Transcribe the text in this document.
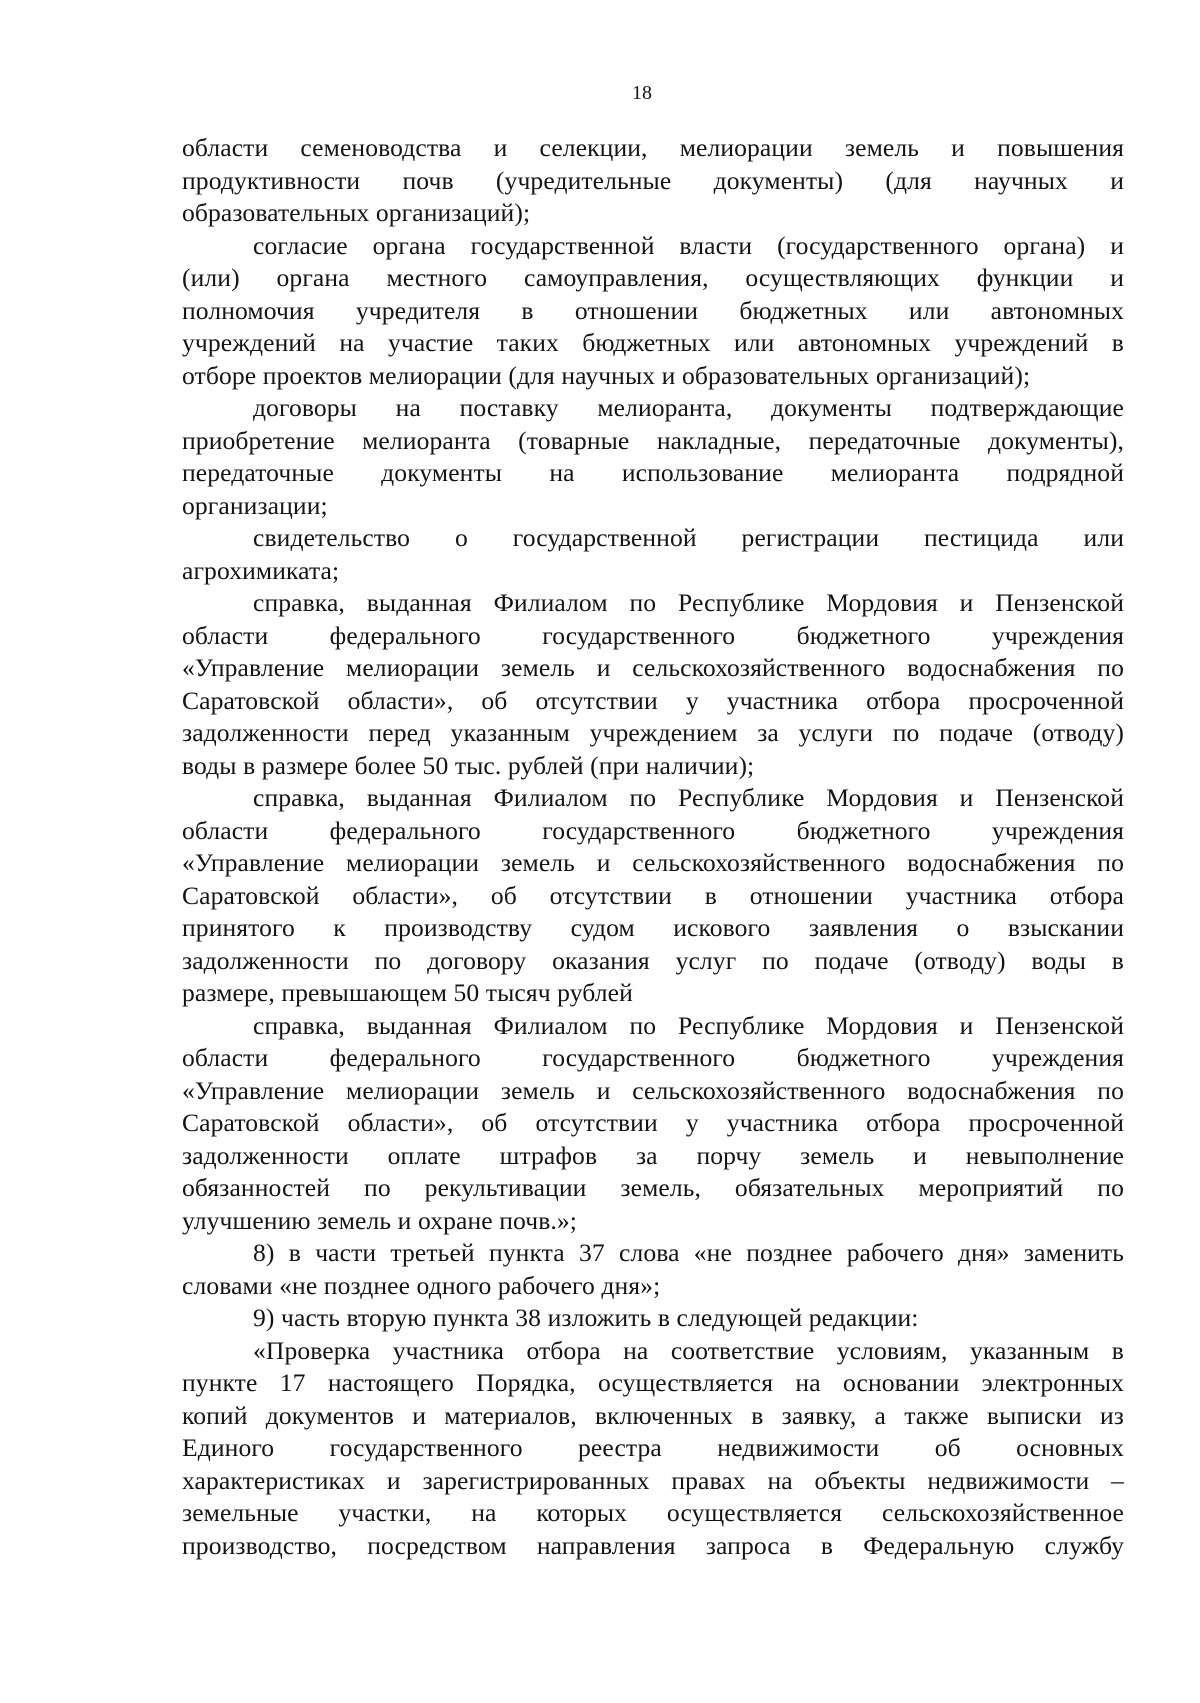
18
области семеноводства и селекции, мелиорации земель и повышения
продуктивности почв (учредительные документы) (для научных и
образовательных организаций);
согласие органа государственной власти (государственного органа) и
(или) органа местного самоуправления, осуществляющих функции и
полномочия учредителя в отношении бюджетных или автономных
учреждений на участие таких бюджетных или автономных учреждений в
отборе проектов мелиорации (для научных и образовательных организаций);
договоры на поставку мелиоранта, документы подтверждающие
приобретение мелиоранта (товарные накладные, передаточные документы),
передаточные документы на использование мелиоранта подрядной
организации;
свидетельство о государственной регистрации пестицида или
агрохимиката;
справка, выданная Филиалом по Республике Мордовия и Пензенской
области федерального государственного бюджетного учреждения
«Управление мелиорации земель и сельскохозяйственного водоснабжения по
Саратовской области», об отсутствии у участника отбора просроченной
задолженности перед указанным учреждением за услуги по подаче (отводу)
воды в размере более 50 тыс. рублей (при наличии);
справка, выданная Филиалом по Республике Мордовия и Пензенской
области федерального государственного бюджетного учреждения
«Управление мелиорации земель и сельскохозяйственного водоснабжения по
Саратовской области», об отсутствии в отношении участника отбора
принятого к производству судом искового заявления о взыскании
задолженности по договору оказания услуг по подаче (отводу) воды в
размере, превышающем 50 тысяч рублей
справка, выданная Филиалом по Республике Мордовия и Пензенской
области федерального государственного бюджетного учреждения
«Управление мелиорации земель и сельскохозяйственного водоснабжения по
Саратовской области», об отсутствии у участника отбора просроченной
задолженности оплате штрафов за порчу земель и невыполнение
обязанностей по рекультивации земель, обязательных мероприятий по
улучшению земель и охране почв.»;
8) в части третьей пункта 37 слова «не позднее рабочего дня» заменить
словами «не позднее одного рабочего дня»;
9) часть вторую пункта 38 изложить в следующей редакции:
«Проверка участника отбора на соответствие условиям, указанным в
пункте 17 настоящего Порядка, осуществляется на основании электронных
копий документов и материалов, включенных в заявку, а также выписки из
Единого государственного реестра недвижимости об основных
характеристиках и зарегистрированных правах на объекты недвижимости –
земельные участки, на которых осуществляется сельскохозяйственное
производство, посредством направления запроса в Федеральную службу
